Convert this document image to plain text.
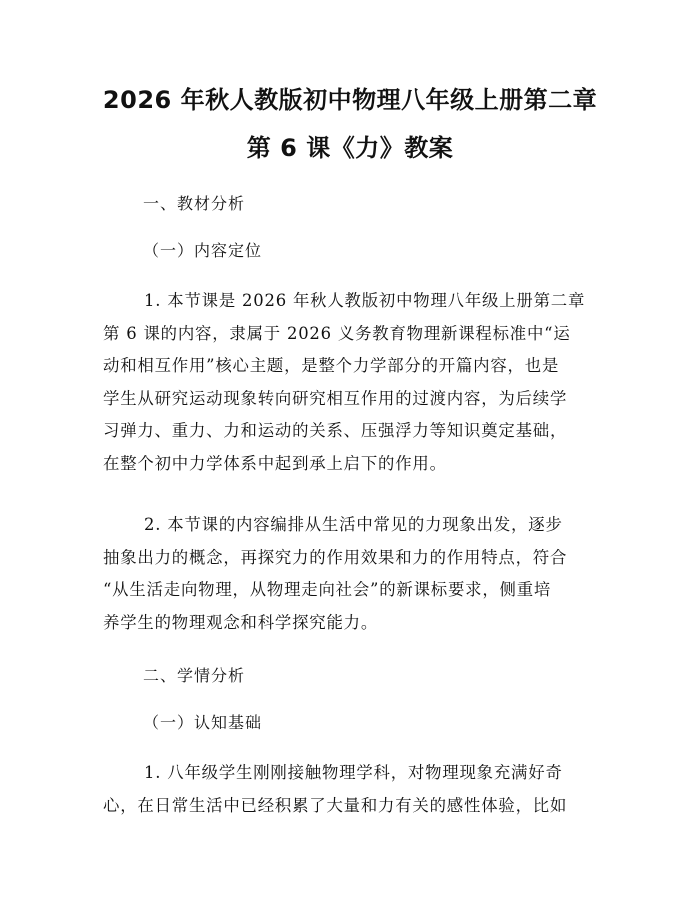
2026 年秋人教版初中物理八年级上册第二章
第 6 课《力》教案
一、教材分析
（一）内容定位
1. 本节课是 2026 年秋人教版初中物理八年级上册第二章
第 6 课的内容，隶属于 2026 义务教育物理新课程标准中“运
动和相互作用”核心主题，是整个力学部分的开篇内容，也是
学生从研究运动现象转向研究相互作用的过渡内容，为后续学
习弹力、重力、力和运动的关系、压强浮力等知识奠定基础，
在整个初中力学体系中起到承上启下的作用。
2. 本节课的内容编排从生活中常见的力现象出发，逐步
抽象出力的概念，再探究力的作用效果和力的作用特点，符合
“从生活走向物理，从物理走向社会”的新课标要求，侧重培
养学生的物理观念和科学探究能力。
二、学情分析
（一）认知基础
1. 八年级学生刚刚接触物理学科，对物理现象充满好奇
心，在日常生活中已经积累了大量和力有关的感性体验，比如
